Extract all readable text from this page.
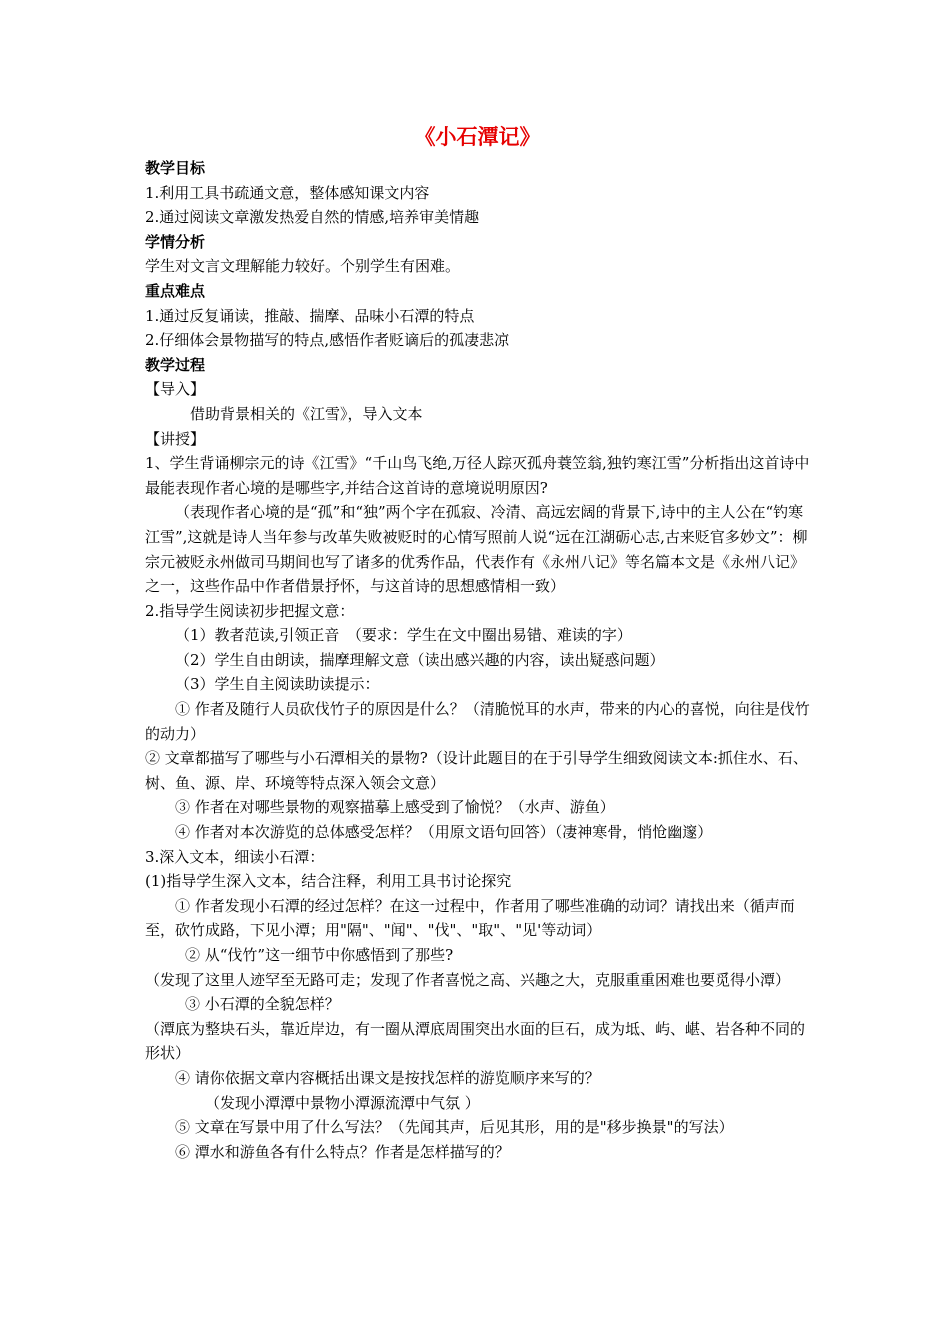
《小石潭记》

教学目标

1.利用工具书疏通文意，整体感知课文内容

2.通过阅读文章激发热爱自然的情感,培养审美情趣

学情分析

学生对文言文理解能力较好。个别学生有困难。

重点难点

1.通过反复诵读，推敲、揣摩、品味小石潭的特点

2.仔细体会景物描写的特点,感悟作者贬谪后的孤凄悲凉

教学过程

【导入】

借助背景相关的《江雪》，导入文本

【讲授】

1、学生背诵柳宗元的诗《江雪》“千山鸟飞绝,万径人踪灭孤舟蓑笠翁,独钓寒江雪”分析指出这首诗中最能表现作者心境的是哪些字,并结合这首诗的意境说明原因?

（表现作者心境的是“孤”和“独”两个字在孤寂、冷清、高远宏阔的背景下,诗中的主人公在“钓寒江雪”,这就是诗人当年参与改革失败被贬时的心情写照前人说“远在江湖砺心志,古来贬官多妙文”：柳宗元被贬永州做司马期间也写了诸多的优秀作品，代表作有《永州八记》等名篇本文是《永州八记》之一，这些作品中作者借景抒怀，与这首诗的思想感情相一致）

2.指导学生阅读初步把握文意：

（1）教者范读,引领正音　（要求：学生在文中圈出易错、难读的字）

（2）学生自由朗读，揣摩理解文意（读出感兴趣的内容，读出疑惑问题）

（3）学生自主阅读助读提示：

① 作者及随行人员砍伐竹子的原因是什么？（清脆悦耳的水声，带来的内心的喜悦，向往是伐竹的动力）

② 文章都描写了哪些与小石潭相关的景物?（设计此题目的在于引导学生细致阅读文本:抓住水、石、树、鱼、源、岸、环境等特点深入领会文意）

③ 作者在对哪些景物的观察描摹上感受到了愉悦？（水声、游鱼）

④ 作者对本次游览的总体感受怎样？（用原文语句回答）（凄神寒骨，悄怆幽邃）

3.深入文本，细读小石潭：

(1)指导学生深入文本，结合注释，利用工具书讨论探究

① 作者发现小石潭的经过怎样？在这一过程中，作者用了哪些准确的动词？请找出来（循声而至，砍竹成路，下见小潭；用"隔"、"闻"、"伐"、"取"、"见'等动词）

② 从“伐竹”这一细节中你感悟到了那些?

（发现了这里人迹罕至无路可走；发现了作者喜悦之高、兴趣之大，克服重重困难也要觅得小潭）

③ 小石潭的全貌怎样？

（潭底为整块石头，靠近岸边，有一圈从潭底周围突出水面的巨石，成为坻、屿、嵁、岩各种不同的形状）

④ 请你依据文章内容概括出课文是按找怎样的游览顺序来写的？

（发现小潭潭中景物小潭源流潭中气氛 ）

⑤ 文章在写景中用了什么写法？（先闻其声，后见其形，用的是"移步换景"的写法）

⑥ 潭水和游鱼各有什么特点？作者是怎样描写的？
